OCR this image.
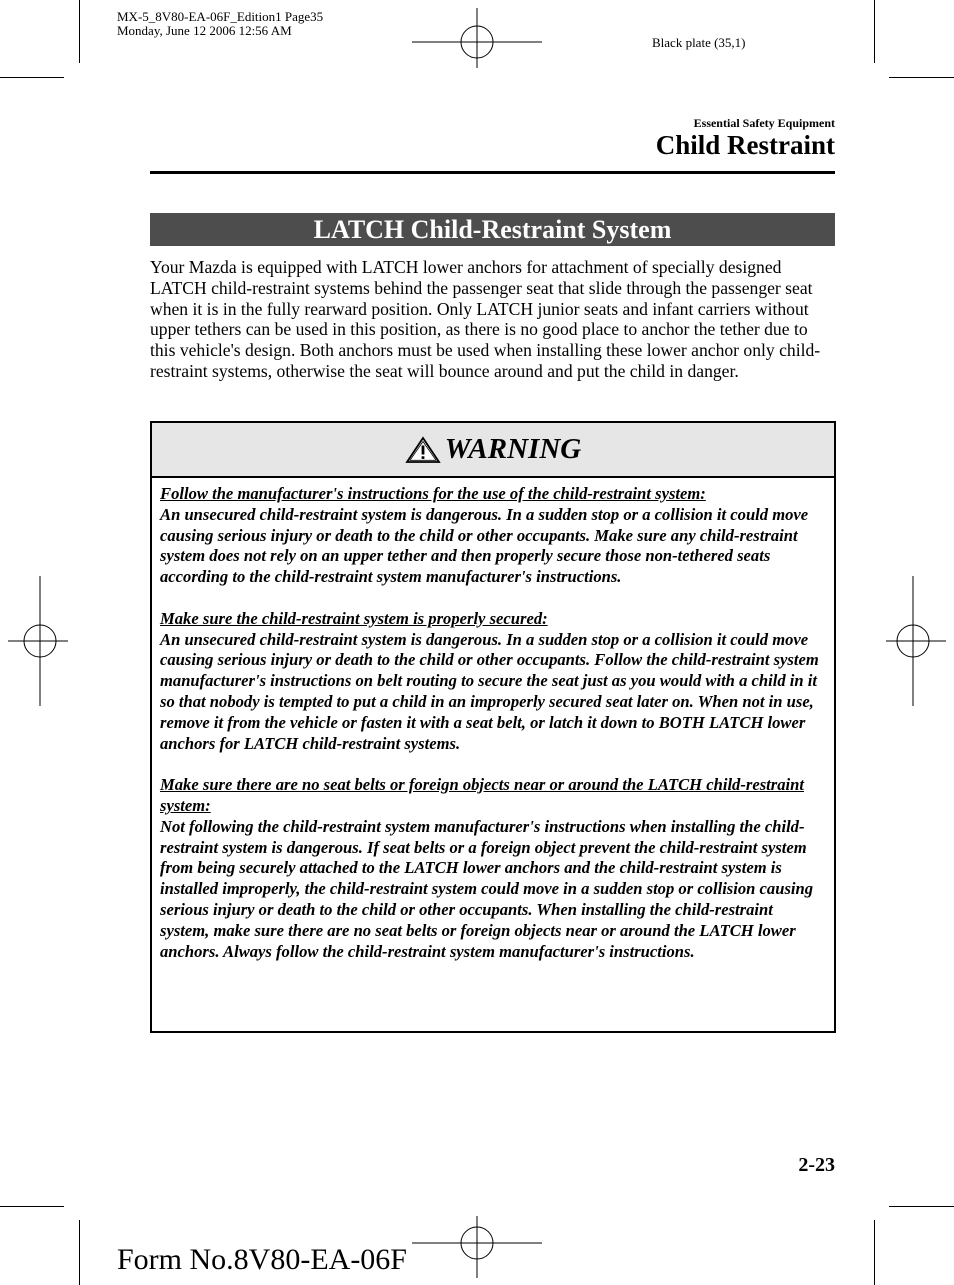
MX-5_8V80-EA-06F_Edition1 Page35
Monday, June 12 2006 12:56 AM
Black plate (35,1)
Essential Safety Equipment
Child Restraint
LATCH Child-Restraint System
Your Mazda is equipped with LATCH lower anchors for attachment of specially designed LATCH child-restraint systems behind the passenger seat that slide through the passenger seat when it is in the fully rearward position. Only LATCH junior seats and infant carriers without upper tethers can be used in this position, as there is no good place to anchor the tether due to this vehicle's design. Both anchors must be used when installing these lower anchor only child-restraint systems, otherwise the seat will bounce around and put the child in danger.
WARNING

Follow the manufacturer's instructions for the use of the child-restraint system:

An unsecured child-restraint system is dangerous. In a sudden stop or a collision it could move causing serious injury or death to the child or other occupants. Make sure any child-restraint system does not rely on an upper tether and then properly secure those non-tethered seats according to the child-restraint system manufacturer's instructions.

Make sure the child-restraint system is properly secured:

An unsecured child-restraint system is dangerous. In a sudden stop or a collision it could move causing serious injury or death to the child or other occupants. Follow the child-restraint system manufacturer's instructions on belt routing to secure the seat just as you would with a child in it so that nobody is tempted to put a child in an improperly secured seat later on. When not in use, remove it from the vehicle or fasten it with a seat belt, or latch it down to BOTH LATCH lower anchors for LATCH child-restraint systems.

Make sure there are no seat belts or foreign objects near or around the LATCH child-restraint system:

Not following the child-restraint system manufacturer's instructions when installing the child-restraint system is dangerous. If seat belts or a foreign object prevent the child-restraint system from being securely attached to the LATCH lower anchors and the child-restraint system is installed improperly, the child-restraint system could move in a sudden stop or collision causing serious injury or death to the child or other occupants. When installing the child-restraint system, make sure there are no seat belts or foreign objects near or around the LATCH lower anchors. Always follow the child-restraint system manufacturer's instructions.

2-23
Form No.8V80-EA-06F
